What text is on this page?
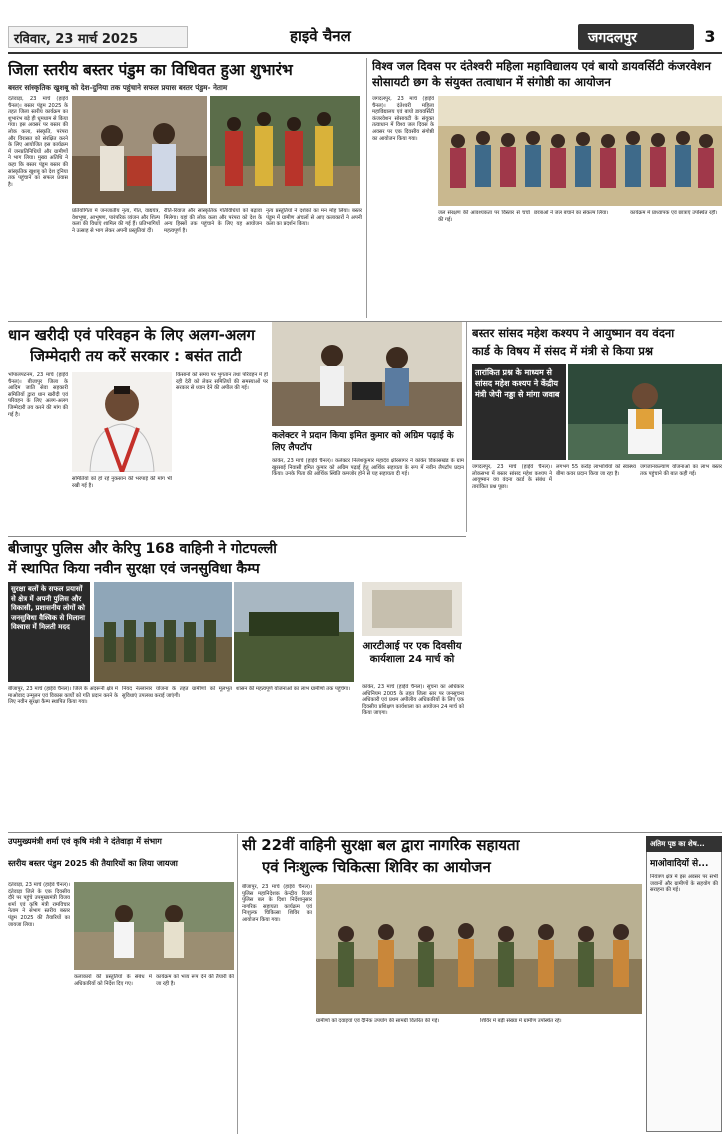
रविवार, 23 मार्च 2025	हाइवे चैनल	जगदलपुर	3
जिला स्तरीय बस्तर पंडुम का विधिवत हुआ शुभारंभ
बस्तर सांस्कृतिक खुशबू को देश-दुनिया तक पहुंचाने सफल प्रयास बस्तर पंडुम- नेताम
दंतेवाड़ा, 23 मार्च (हाईवे चैनल)। बस्तर पंडुम 2025 के तहत जिला स्तरीय कार्यक्रम का शुभारंभ बड़े ही धूमधाम से किया गया। इस अवसर पर बस्तर की लोक कला, संस्कृति, परंपरा और विरासत को संरक्षित करने के लिए आयोजित इस कार्यक्रम में जनप्रतिनिधियों और ग्रामीणों ने भाग लिया। मुख्य अतिथि ने कहा कि बस्तर पंडुम बस्तर की सांस्कृतिक खुशबू को देश दुनिया तक पहुंचाने का सफल प्रयास है।
प्रतियोगिता में जनजातीय नृत्य, गीत, वाद्ययंत्र, वेशभूषा, आभूषण, पारंपरिक व्यंजन और शिल्प कला की विधाएं शामिल की गई हैं। प्रतिभागियों ने उत्साह से भाग लेकर अपनी प्रस्तुतियां दीं।
रीति-रिवाज और सांस्कृतिक गतिविधियों को बढ़ावा मिलेगा। यहां की लोक कला और परंपरा को देश के अन्य हिस्सों तक पहुंचाने के लिए यह आयोजन महत्वपूर्ण है।
नृत्य प्रस्तुतियों ने दर्शकों का मन मोह लिया। बस्तर पंडुम में ग्रामीण अंचलों से आए कलाकारों ने अपनी कला का प्रदर्शन किया।
विश्व जल दिवस पर दंतेश्वरी महिला महाविद्यालय एवं बायो डायवर्सिटी कंजरवेशन सोसायटी छग के संयुक्त तत्वाधान में संगोष्ठी का आयोजन
जगदलपुर, 23 मार्च (हाईवे चैनल)। दंतेश्वरी महिला महाविद्यालय एवं बायो डायवर्सिटी कंजरवेशन सोसायटी के संयुक्त तत्वाधान में विश्व जल दिवस के अवसर पर एक दिवसीय संगोष्ठी का आयोजन किया गया।
जल संरक्षण की आवश्यकता पर विस्तार से चर्चा की गई।
छात्राओं ने जल बचाने का संकल्प लिया।	कार्यक्रम में प्राध्यापक एवं छात्राएं उपस्थित रहीं।
धान खरीदी एवं परिवहन के लिए अलग-अलग
जिम्मेदारी तय करें सरकार : बसंत ताटी
भोपालपटनम, 23 मार्च (हाईवे चैनल)। बीजापुर जिला के आदिम जाति सेवा सहकारी समितियों द्वारा धान खरीदी एवं परिवहन के लिए अलग-अलग जिम्मेदारी तय करने की मांग की गई है।
किसानों को समय पर भुगतान तथा परिवहन में हो रही देरी को लेकर समितियों की समस्याओं पर सरकार से ध्यान देने की अपील की गई।
समितियों को हो रहे नुकसान की भरपाई की मांग भी रखी गई है।
कलेक्टर ने प्रदान किया इमित कुमार को अग्रिम पढ़ाई के लिए लैपटॉप
कांकेर, 23 मार्च (हाईवे चैनल)। कलेक्टर निलेशकुमार महादेव क्षीरसागर ने कांकेर विकासखंड के ग्राम खुरसाई निवासी इमित कुमार को अग्रिम पढ़ाई हेतु आर्थिक सहायता के रूप में नवीन लैपटॉप प्रदान किया। उनके पिता की आर्थिक स्थिति कमजोर होने से यह सहायता दी गई।
बस्तर सांसद महेश कश्यप ने आयुष्मान वय वंदना
कार्ड के विषय में संसद में मंत्री से किया प्रश्न
तारांकित प्रश्न के माध्यम से सांसद महेश कश्यप ने केंद्रीय मंत्री जेपी नड्डा से मांगा जवाब
जगदलपुर, 23 मार्च (हाईवे चैनल)। लोकसभा में बस्तर सांसद महेश कश्यप ने आयुष्मान वय वंदना कार्ड के संबंध में तारांकित प्रश्न पूछा।
लगभग 55 करोड़ लाभार्थियों को स्वास्थ्य बीमा कवर प्रदान किया जा रहा है।
जगजानकल्याण योजनाओं का लाभ बस्तर तक पहुंचाने की बात कही गई।
बीजापुर पुलिस और केरिपु 168 वाहिनी ने गोटपल्ली
में स्थापित किया नवीन सुरक्षा एवं जनसुविधा कैम्प
सुरक्षा बलों के सफल प्रयासों से क्षेत्र में अपनी पुलिस और विकासी, प्रशासनीय लोगों को जनसुविधा वैश्विक से मिलाना विश्वास में मिलती मदद
बीजापुर, 23 मार्च (हाईवे चैनल)। जिले के अंदरूनी क्षेत्र में माओवाद उन्मूलन एवं विकास कार्यों को गति प्रदान करने के लिए नवीन सुरक्षा कैम्प स्थापित किया गया।
नियद नेल्लानार योजना के तहत ग्रामीणों को मूलभूत सुविधाएं उपलब्ध कराई जाएंगी।
शासन की महत्वपूर्ण योजनाओं का लाभ ग्रामीणों तक पहुंचेगा।
आरटीआई पर एक दिवसीय कार्यशाला 24 मार्च को
कांकेर, 23 मार्च (हाईवे चैनल)। सूचना का अधिकार अधिनियम 2005 के तहत जिला स्तर पर जनसूचना अधिकारी एवं प्रथम अपीलीय अधिकारियों के लिए एक दिवसीय प्रशिक्षण कार्यशाला का आयोजन 24 मार्च को किया जाएगा।
उपमुख्यमंत्री शर्मा एवं कृषि मंत्री ने दंतेवाड़ा में संभाग
स्तरीय बस्तर पंडुम 2025 की तैयारियों का लिया जायजा
दंतेवाड़ा, 23 मार्च (हाईवे चैनल)। दंतेवाड़ा जिले के एक दिवसीय दौरे पर पहुंचे उपमुख्यमंत्री विजय शर्मा एवं कृषि मंत्री रामविचार नेताम ने संभाग स्तरीय बस्तर पंडुम 2025 की तैयारियों का जायजा लिया।
कलाकारों की प्रस्तुतियों के संबंध में अधिकारियों को निर्देश दिए गए।
कार्यक्रम को भव्य रूप देने की तैयारी की जा रही है।
सी 22वीं वाहिनी सुरक्षा बल द्वारा नागरिक सहायता
एवं निःशुल्क चिकित्सा शिविर का आयोजन
बीजापुर, 23 मार्च (हाईवे चैनल)। पुलिस महानिदेशक केन्द्रीय रिजर्व पुलिस बल के दिशा निर्देशानुसार नागरिक सहायता कार्यक्रम एवं निःशुल्क चिकित्सा शिविर का आयोजन किया गया।
ग्रामीणों को दवाइयां एवं दैनिक उपयोग की सामग्री वितरित की गई।	शिविर में बड़ी संख्या में ग्रामीण उपस्थित रहे।
अतिम पृष्ठ का शेष...
माओवादियों से...
नियंत्रण क्षेत्र में इस अवसर पर सभी जवानों और ग्रामीणों के सहयोग की सराहना की गई।
